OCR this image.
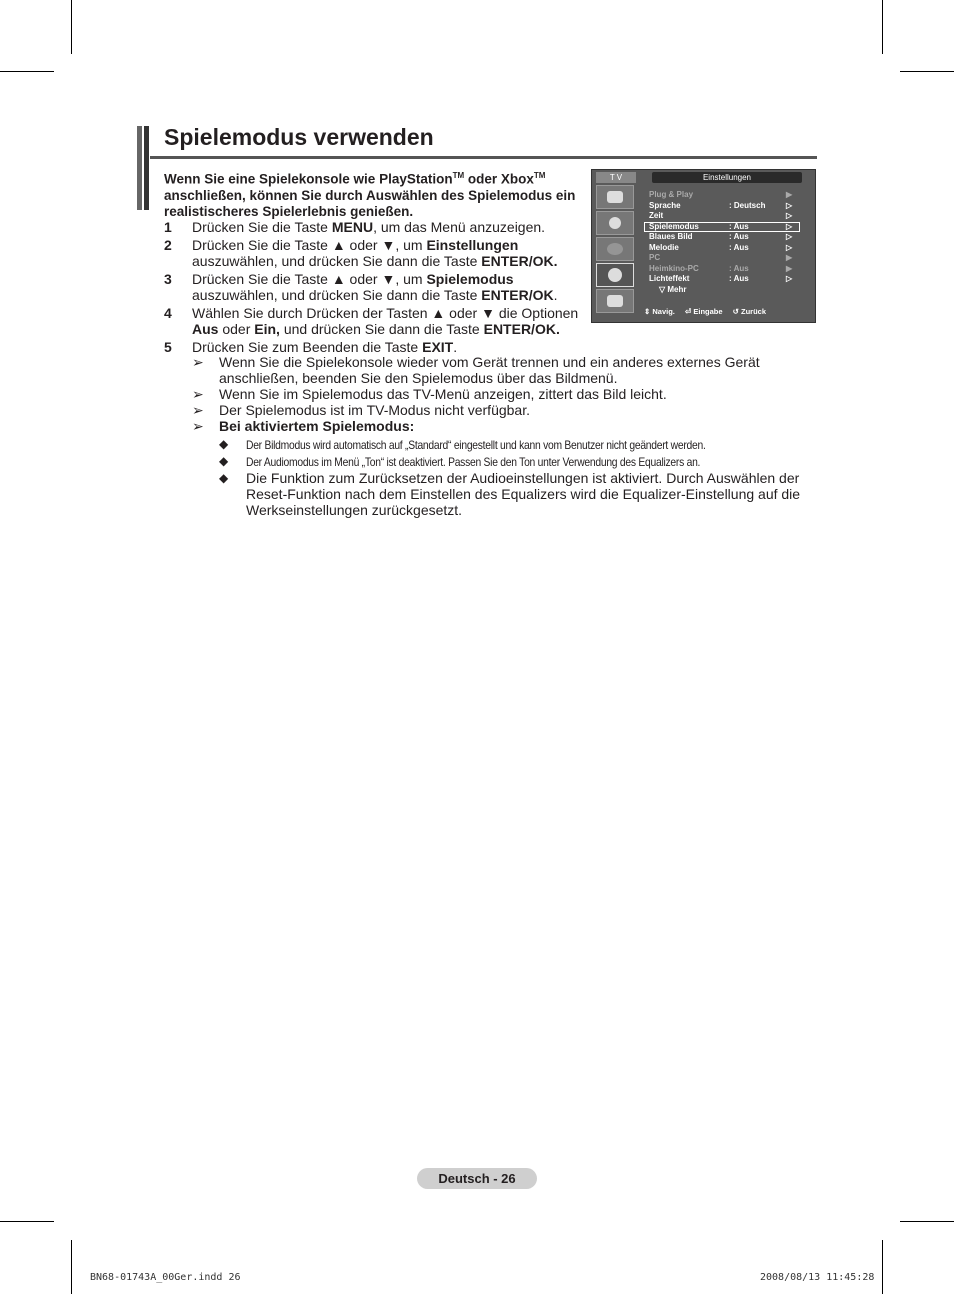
Spielemodus verwenden
Wenn Sie eine Spielekonsole wie PlayStation™ oder Xbox™ anschließen, können Sie durch Auswählen des Spielemodus ein realistischeres Spielerlebnis genießen.
1 Drücken Sie die Taste MENU, um das Menü anzuzeigen.
2 Drücken Sie die Taste ▲ oder ▼, um Einstellungen auszuwählen, und drücken Sie dann die Taste ENTER/OK.
3 Drücken Sie die Taste ▲ oder ▼, um Spielemodus auszuwählen, und drücken Sie dann die Taste ENTER/OK.
4 Wählen Sie durch Drücken der Tasten ▲ oder ▼ die Optionen Aus oder Ein, und drücken Sie dann die Taste ENTER/OK.
5 Drücken Sie zum Beenden die Taste EXIT.
➢ Wenn Sie die Spielekonsole wieder vom Gerät trennen und ein anderes externes Gerät anschließen, beenden Sie den Spielemodus über das Bildmenü.
➢ Wenn Sie im Spielemodus das TV-Menü anzeigen, zittert das Bild leicht.
➢ Der Spielemodus ist im TV-Modus nicht verfügbar.
➢ Bei aktiviertem Spielemodus:
◆ Der Bildmodus wird automatisch auf „Standard“ eingestellt und kann vom Benutzer nicht geändert werden.
◆ Der Audiomodus im Menü „Ton“ ist deaktiviert. Passen Sie den Ton unter Verwendung des Equalizers an.
◆ Die Funktion zum Zurücksetzen der Audioeinstellungen ist aktiviert. Durch Auswählen der Reset-Funktion nach dem Einstellen des Equalizers wird die Equalizer-Einstellung auf die Werkseinstellungen zurückgesetzt.
T V	Einstellungen
Plug & Play	▶
Sprache	: Deutsch	▷
Zeit	▷
Spielemodus	: Aus	▷
Blaues Bild	: Aus	▷
Melodie	: Aus	▷
PC	▶
Heimkino-PC	: Aus	▶
Lichteffekt	: Aus	▷
▽ Mehr
⇕ Navig. ⏎ Eingabe ↺ Zurück
Deutsch - 26
BN68-01743A_00Ger.indd 26	2008/08/13 11:45:28
